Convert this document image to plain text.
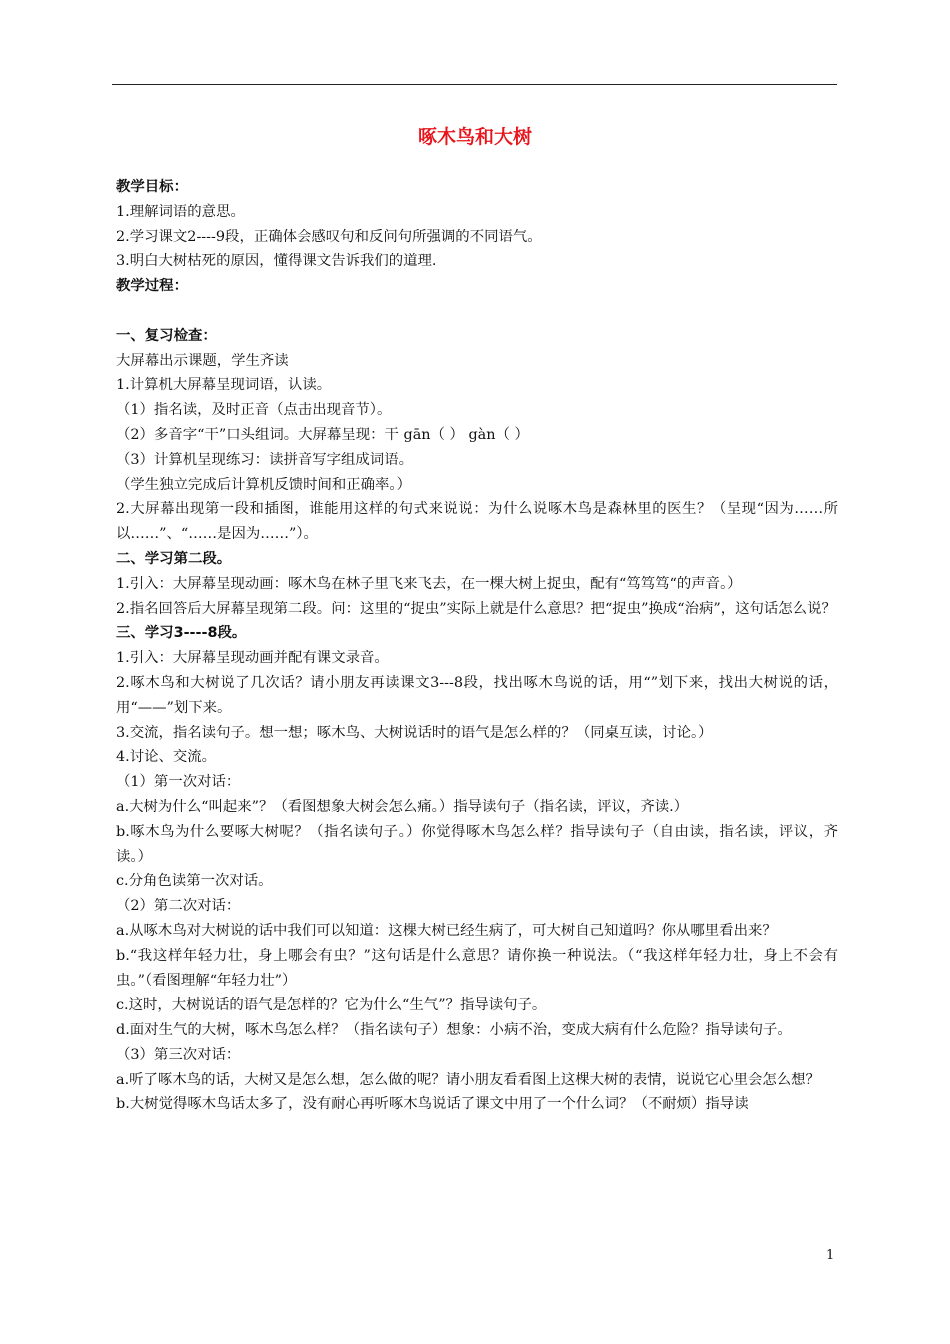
啄木鸟和大树
教学目标：
1.理解词语的意思。
2.学习课文2----9段，正确体会感叹句和反问句所强调的不同语气。
3.明白大树枯死的原因，懂得课文告诉我们的道理.
教学过程：
一、复习检查：
大屏幕出示课题，学生齐读
1.计算机大屏幕呈现词语，认读。
（1）指名读，及时正音（点击出现音节）。
（2）多音字“干”口头组词。大屏幕呈现：干 gān（ ） gàn（ ）
（3）计算机呈现练习：读拼音写字组成词语。
（学生独立完成后计算机反馈时间和正确率。）
2.大屏幕出现第一段和插图，谁能用这样的句式来说说：为什么说啄木鸟是森林里的医生？（呈现“因为……所以……”、“……是因为……”）。
二、学习第二段。
1.引入：大屏幕呈现动画：啄木鸟在林子里飞来飞去，在一棵大树上捉虫，配有“笃笃笃“的声音。）
2.指名回答后大屏幕呈现第二段。问：这里的“捉虫”实际上就是什么意思？把“捉虫”换成“治病”，这句话怎么说？
三、学习3----8段。
1.引入：大屏幕呈现动画并配有课文录音。
2.啄木鸟和大树说了几次话？请小朋友再读课文3---8段，找出啄木鸟说的话，用“”划下来，找出大树说的话，用“——”划下来。
3.交流，指名读句子。想一想；啄木鸟、大树说话时的语气是怎么样的？（同桌互读，讨论。）
4.讨论、交流。
（1）第一次对话：
a.大树为什么“叫起来”？（看图想象大树会怎么痛。）指导读句子（指名读，评议，齐读.）
b.啄木鸟为什么要啄大树呢？（指名读句子。）你觉得啄木鸟怎么样？指导读句子（自由读，指名读，评议，齐读。）
c.分角色读第一次对话。
（2）第二次对话：
a.从啄木鸟对大树说的话中我们可以知道：这棵大树已经生病了，可大树自己知道吗？你从哪里看出来？
b.“我这样年轻力壮，身上哪会有虫？”这句话是什么意思？请你换一种说法。（“我这样年轻力壮，身上不会有虫。”（看图理解“年轻力壮”）
c.这时，大树说话的语气是怎样的？它为什么“生气”？指导读句子。
d.面对生气的大树，啄木鸟怎么样？（指名读句子）想象：小病不治，变成大病有什么危险？指导读句子。
（3）第三次对话：
a.听了啄木鸟的话，大树又是怎么想，怎么做的呢？请小朋友看看图上这棵大树的表情，说说它心里会怎么想？
b.大树觉得啄木鸟话太多了，没有耐心再听啄木鸟说话了课文中用了一个什么词？（不耐烦）指导读
1
